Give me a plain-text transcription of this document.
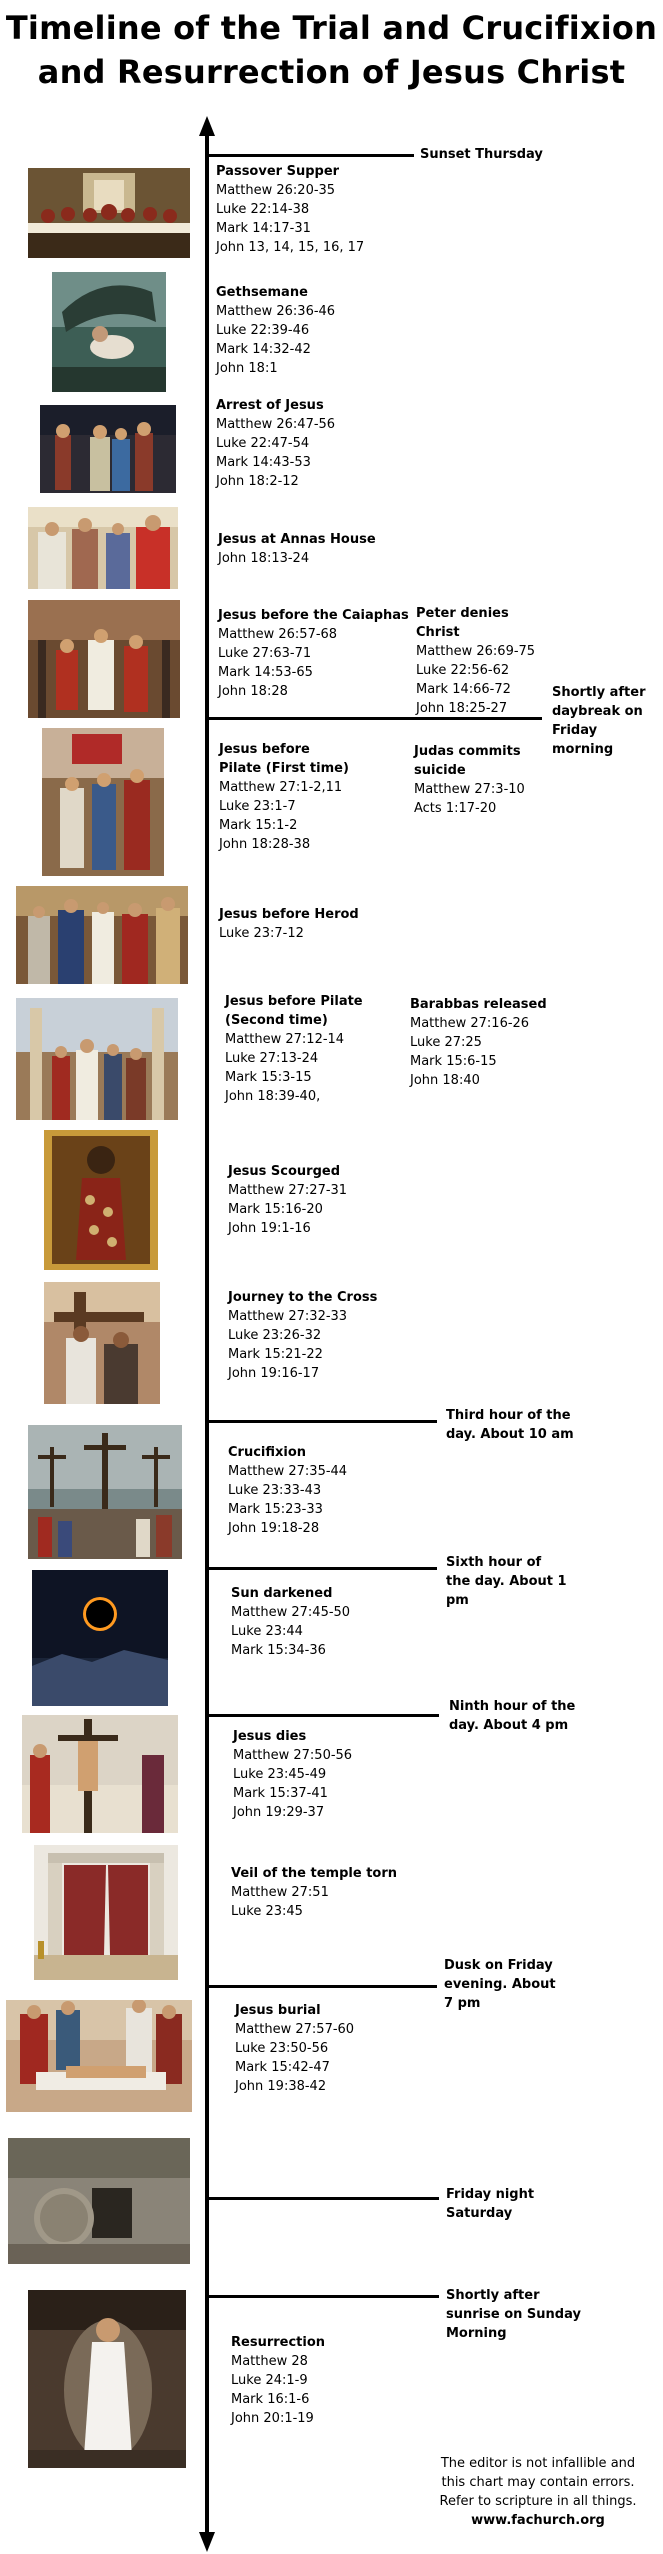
Timeline of the Trial and Crucifixion
and Resurrection of Jesus Christ
Sunset Thursday
Shortly after daybreak on Friday morning
Third hour of the day. About 10 am
Sixth hour of the day. About 1 pm
Ninth hour of the day. About 4 pm
Dusk on Friday evening. About 7 pm
Friday night Saturday
Shortly after sunrise on Sunday Morning
Passover Supper
Matthew 26:20-35
Luke 22:14-38
Mark 14:17-31
John 13, 14, 15, 16, 17
Gethsemane
Matthew 26:36-46
Luke 22:39-46
Mark 14:32-42
John 18:1
Arrest of Jesus
Matthew 26:47-56
Luke 22:47-54
Mark 14:43-53
John 18:2-12
Jesus at Annas House
John 18:13-24
Jesus before the Caiaphas
Matthew 26:57-68
Luke 27:63-71
Mark 14:53-65
John 18:28
Peter denies Christ
Matthew 26:69-75
Luke 22:56-62
Mark 14:66-72
John 18:25-27
Jesus before Pilate (First time)
Matthew 27:1-2,11
Luke 23:1-7
Mark 15:1-2
John 18:28-38
Judas commits suicide
Matthew 27:3-10
Acts 1:17-20
Jesus before Herod
Luke 23:7-12
Jesus before Pilate (Second time)
Matthew 27:12-14
Luke 27:13-24
Mark 15:3-15
John 18:39-40,
Barabbas released
Matthew 27:16-26
Luke 27:25
Mark 15:6-15
John 18:40
Jesus Scourged
Matthew 27:27-31
Mark 15:16-20
John 19:1-16
Journey to the Cross
Matthew 27:32-33
Luke 23:26-32
Mark 15:21-22
John 19:16-17
Crucifixion
Matthew 27:35-44
Luke 23:33-43
Mark 15:23-33
John 19:18-28
Sun darkened
Matthew 27:45-50
Luke 23:44
Mark 15:34-36
Jesus dies
Matthew 27:50-56
Luke 23:45-49
Mark 15:37-41
John 19:29-37
Veil of the temple torn
Matthew 27:51
Luke 23:45
Jesus burial
Matthew 27:57-60
Luke 23:50-56
Mark 15:42-47
John 19:38-42
Resurrection
Matthew 28
Luke 24:1-9
Mark 16:1-6
John 20:1-19
The editor is not infallible and this chart may contain errors. Refer to scripture in all things.
www.fachurch.org
